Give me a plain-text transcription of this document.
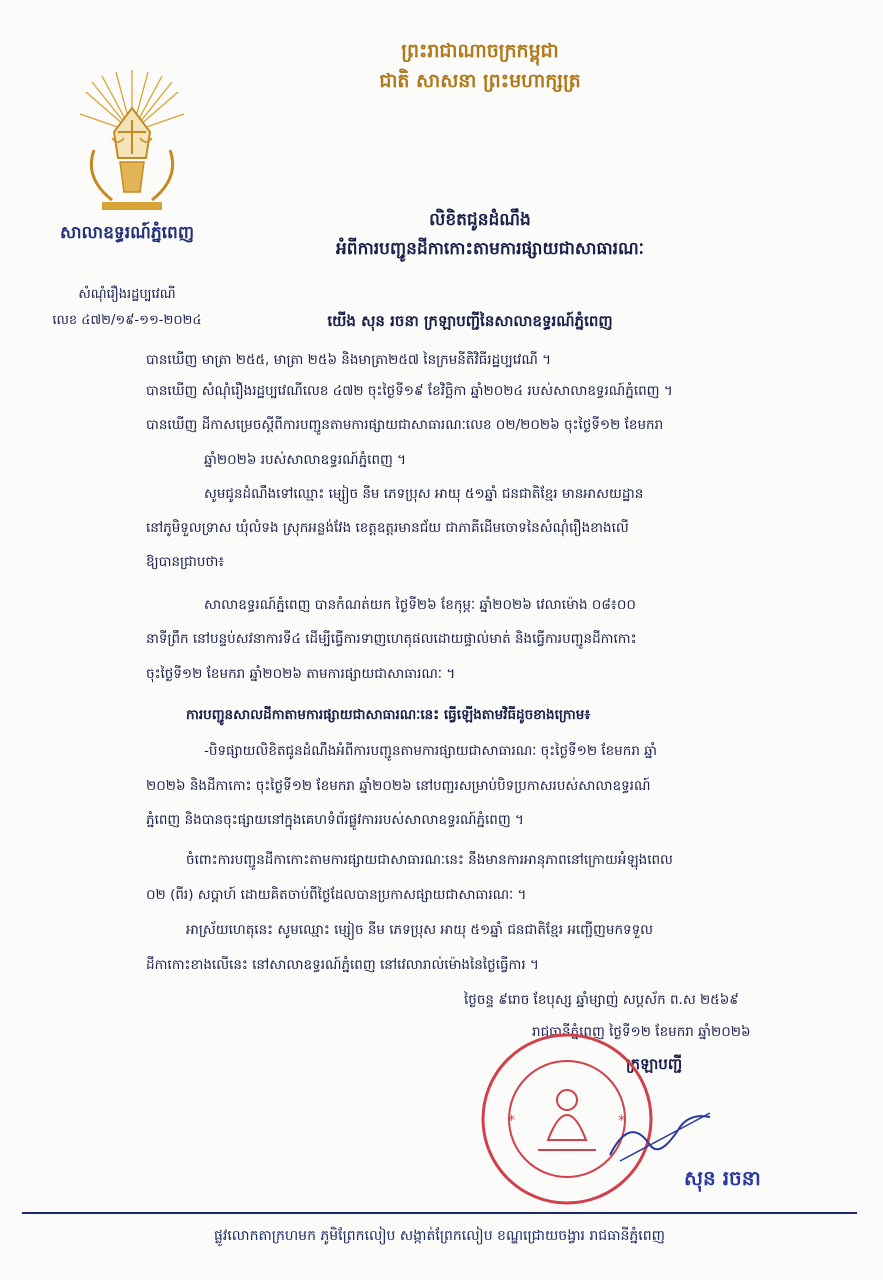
ព្រះរាជាណាចក្រកម្ពុជា
ជាតិ សាសនា ព្រះមហាក្សត្រ
សាលាឧទ្ធរណ៍ភ្នំពេញ
សំណុំរឿងរដ្ឋប្បវេណី
លេខ ៤៧២/១៩-១១-២០២៤
លិខិតជូនដំណឹង
អំពីការបញ្ជូនដីកាកោះតាមការផ្សាយជាសាធារណៈ
យើង សុន រចនា ក្រឡាបញ្ជីនៃសាលាឧទ្ធរណ៍ភ្នំពេញ
បានឃើញ មាត្រា ២៥៥, មាត្រា ២៥៦ និងមាត្រា២៥៧ នៃក្រមនីតិវិធីរដ្ឋប្បវេណី ។
បានឃើញ សំណុំរឿងរដ្ឋប្បវេណីលេខ ៤៧២ ចុះថ្ងៃទី១៩ ខែវិច្ឆិកា ឆ្នាំ២០២៤ របស់សាលាឧទ្ធរណ៍ភ្នំពេញ ។
បានឃើញ ដីកាសម្រេចស្តីពីការបញ្ជូនតាមការផ្សាយជាសាធារណៈលេខ ០២/២០២៦ ចុះថ្ងៃទី១២ ខែមករា
ឆ្នាំ២០២៦ របស់សាលាឧទ្ធរណ៍ភ្នំពេញ ។
សូមជូនដំណឹងទៅឈ្មោះ ម្សៀច នីម ភេទប្រុស អាយុ ៥១ឆ្នាំ ជនជាតិខ្មែរ មានអាសយដ្ឋាន
នៅភូមិទួលទ្រាស ឃុំលំទង ស្រុកអន្លង់វែង ខេត្តឧត្តរមានជ័យ ជាភាគីដើមចោទនៃសំណុំរឿងខាងលើ
ឱ្យបានជ្រាបថា៖
សាលាឧទ្ធរណ៍ភ្នំពេញ បានកំណត់យក ថ្ងៃទី២៦ ខែកុម្ភៈ ឆ្នាំ២០២៦ វេលាម៉ោង ០៨៖០០
នាទីព្រឹក នៅបន្ទប់សវនាការទី៤ ដើម្បីធ្វើការទាញហេតុផលដោយផ្ទាល់មាត់ និងធ្វើការបញ្ជូនដីកាកោះ
ចុះថ្ងៃទី១២ ខែមករា ឆ្នាំ២០២៦ តាមការផ្សាយជាសាធារណៈ ។
ការបញ្ជូនសាលដីកាតាមការផ្សាយជាសាធារណៈនេះ ធ្វើឡើងតាមវិធីដូចខាងក្រោម៖
-បិទផ្សាយលិខិតជូនដំណឹងអំពីការបញ្ជូនតាមការផ្សាយជាសាធារណៈ ចុះថ្ងៃទី១២ ខែមករា ឆ្នាំ
២០២៦ និងដីកាកោះ ចុះថ្ងៃទី១២ ខែមករា ឆ្នាំ២០២៦ នៅបញ្ជរសម្រាប់បិទប្រកាសរបស់សាលាឧទ្ធរណ៍
ភ្នំពេញ និងបានចុះផ្សាយនៅក្នុងគេហទំព័រផ្លូវការរបស់សាលាឧទ្ធរណ៍ភ្នំពេញ ។
ចំពោះការបញ្ជូនដីកាកោះតាមការផ្សាយជាសាធារណៈនេះ នឹងមានការអានុភាពនៅក្រោយអំឡុងពេល
០២ (ពីរ) សប្តាហ៍ ដោយគិតចាប់ពីថ្ងៃដែលបានប្រកាសផ្សាយជាសាធារណៈ ។
អាស្រ័យហេតុនេះ សូមឈ្មោះ ម្សៀច នីម ភេទប្រុស អាយុ ៥១ឆ្នាំ ជនជាតិខ្មែរ អញ្ជើញមកទទួល
ដីកាកោះខាងលើនេះ នៅសាលាឧទ្ធរណ៍ភ្នំពេញ នៅវេលារាល់ម៉ោងនៃថ្ងៃធ្វើការ ។
ថ្ងៃចន្ទ ៩រោច ខែបុស្ស ឆ្នាំម្សាញ់ សប្តស័ក ព.ស ២៥៦៩
រាជធានីភ្នំពេញ ថ្ងៃទី១២ ខែមករា ឆ្នាំ២០២៦
ក្រឡាបញ្ជី
*	*
សុន រចនា
ផ្លូវលោកតាក្រហមក ភូមិព្រែកលៀប សង្កាត់ព្រែកលៀប ខណ្ឌជ្រោយចង្វារ រាជធានីភ្នំពេញ
